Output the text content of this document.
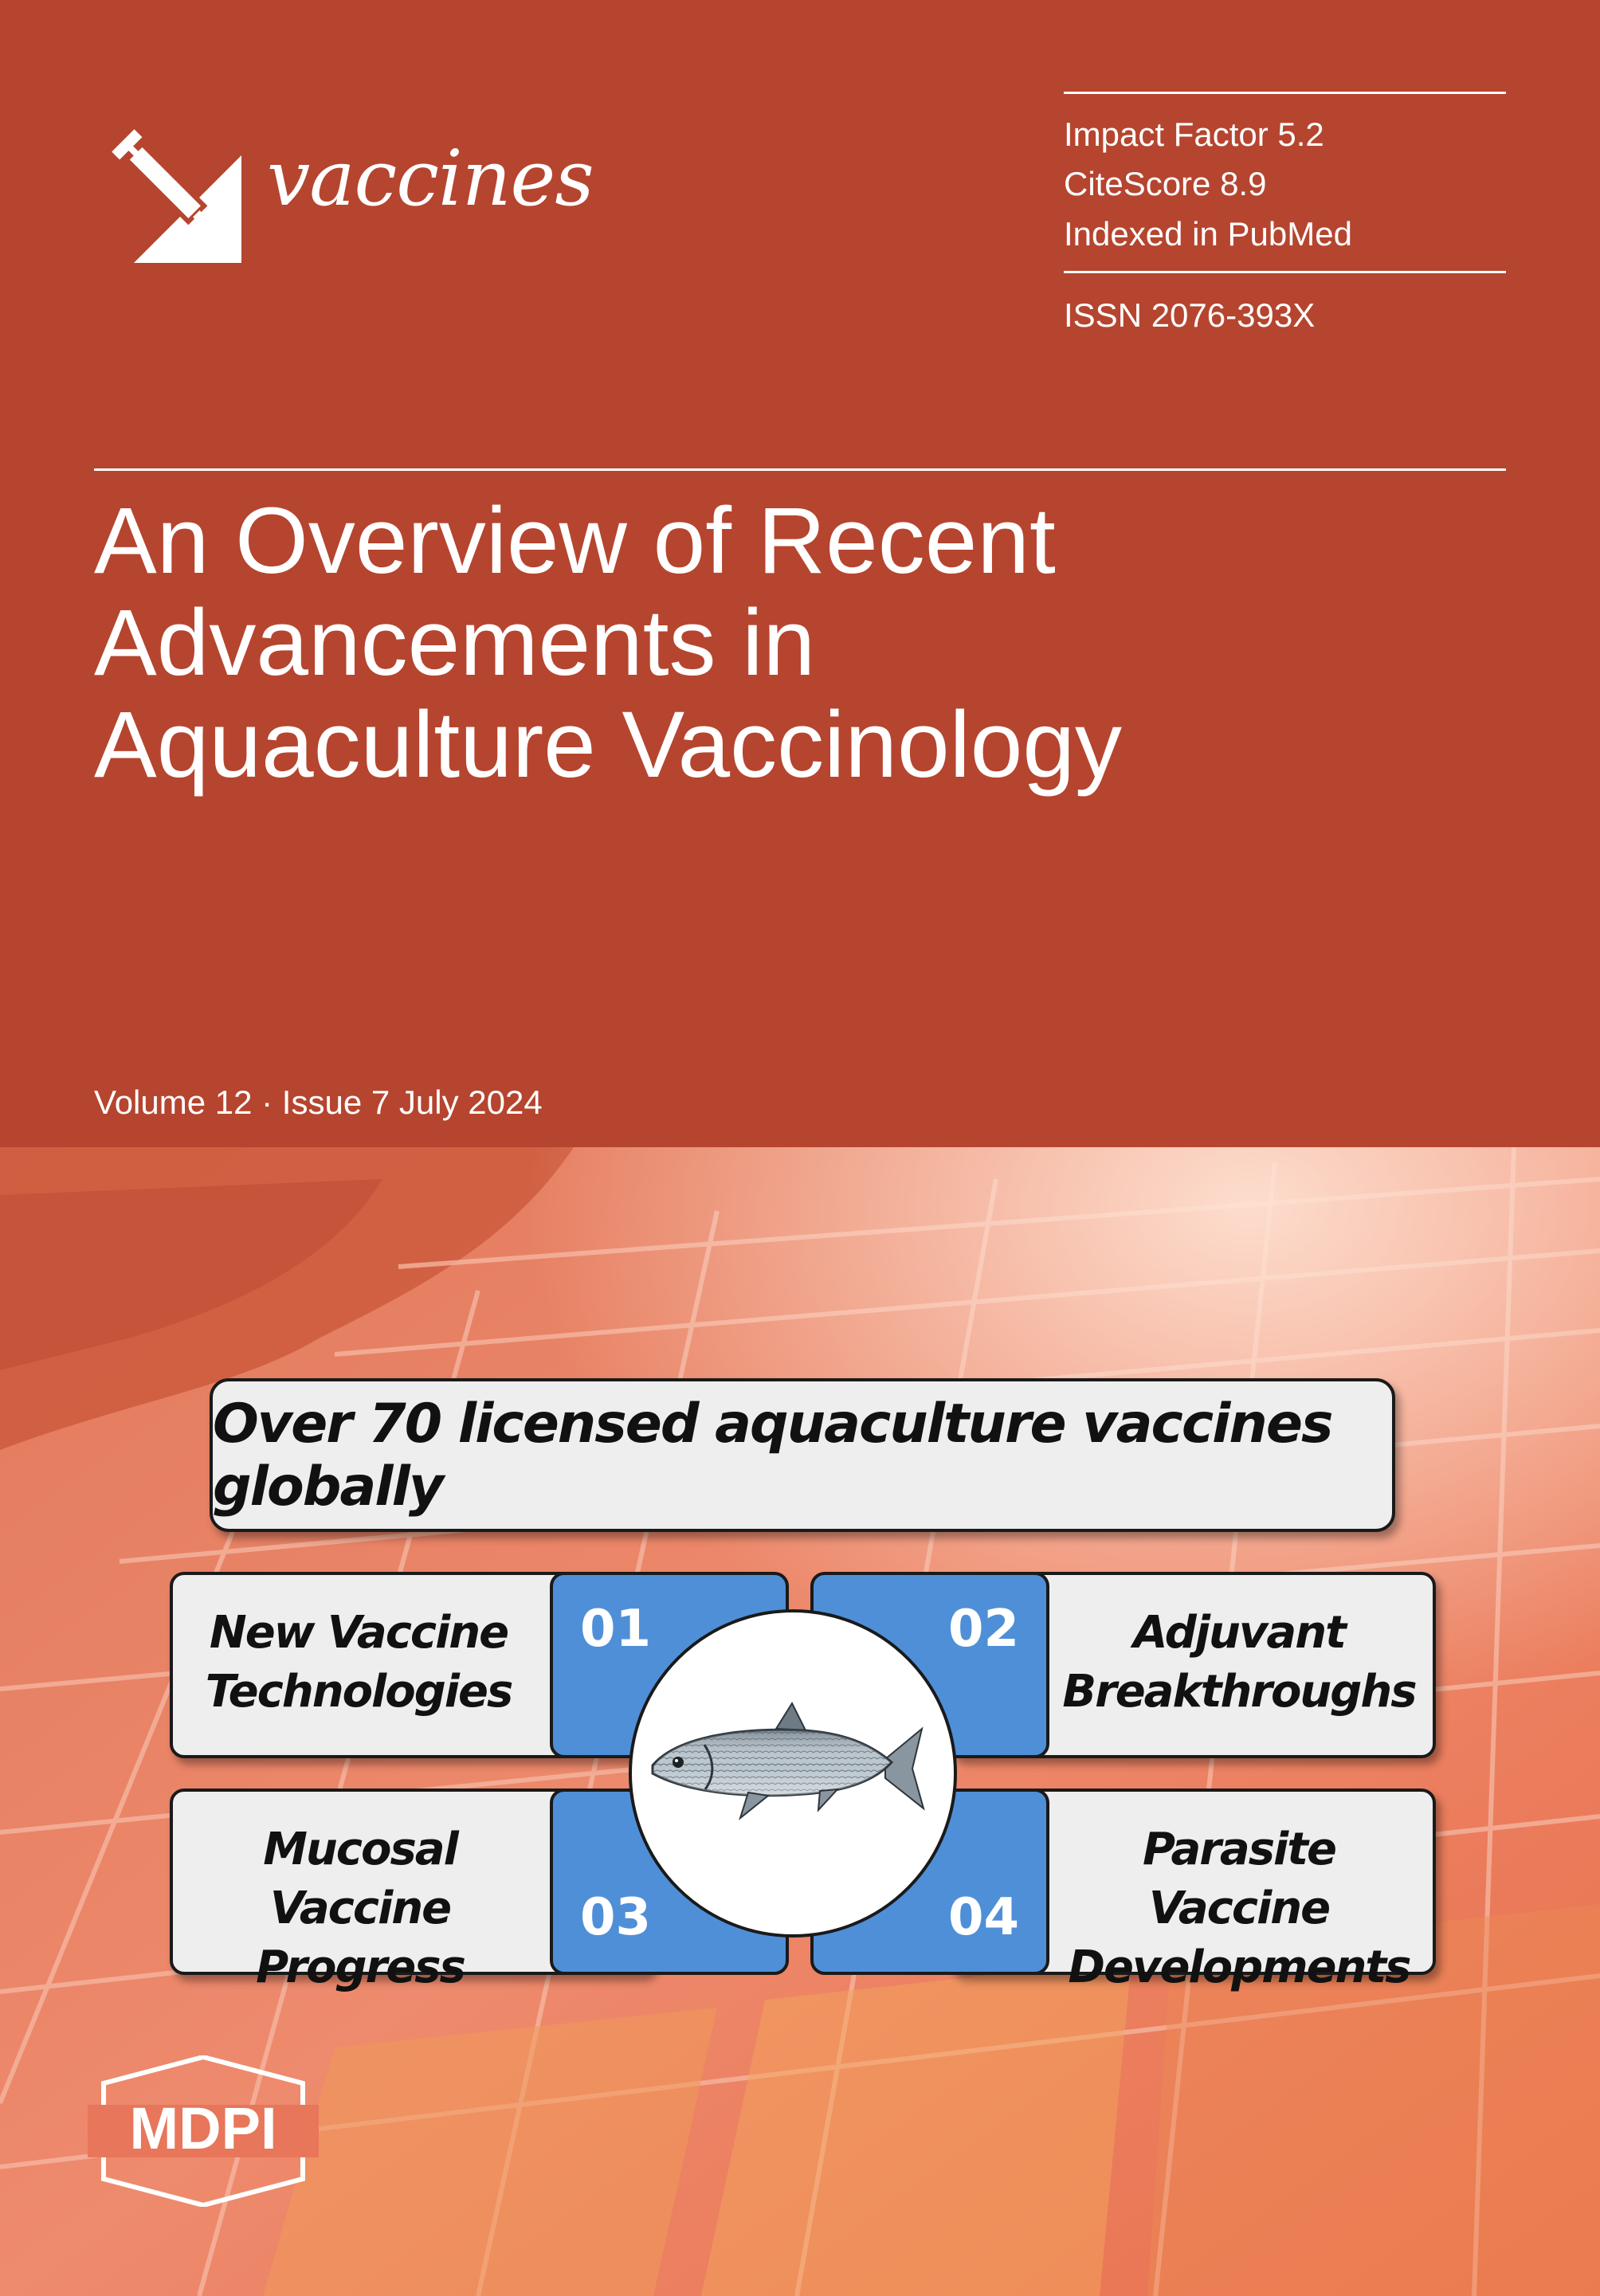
vaccines	Impact Factor 5.2
CiteScore 8.9
Indexed in PubMed
ISSN 2076-393X
An Overview of Recent
Advancements in
Aquaculture Vaccinology
Volume 12 · Issue 7 July 2024
Over 70 licensed aquaculture vaccines globally
01
New Vaccine
Technologies
02	Adjuvant
Breakthroughs
03
Mucosal Vaccine
Progress
04
Parasite Vaccine
Developments
MDPI
